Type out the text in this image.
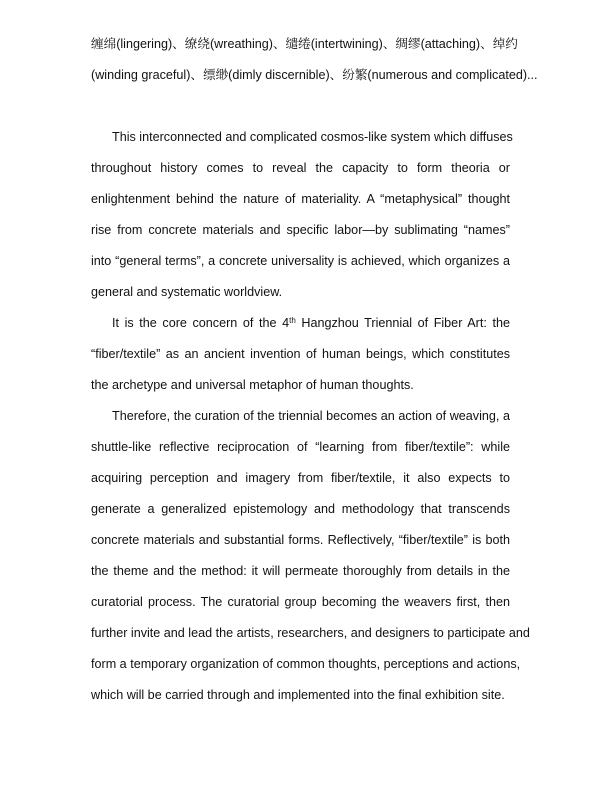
缠绵(lingering)、缭绕(wreathing)、缱绻(intertwining)、绸缪(attaching)、绰约
(winding graceful)、缥缈(dimly discernible)、纷繁(numerous and complicated)...
This interconnected and complicated cosmos-like system which diffuses
throughout history comes to reveal the capacity to form theoria or
enlightenment behind the nature of materiality. A “metaphysical” thought
rise from concrete materials and specific labor—by sublimating “names”
into “general terms”, a concrete universality is achieved, which organizes a
general and systematic worldview.
It is the core concern of the 4th Hangzhou Triennial of Fiber Art: the
“fiber/textile” as an ancient invention of human beings, which constitutes
the archetype and universal metaphor of human thoughts.
Therefore, the curation of the triennial becomes an action of weaving, a
shuttle-like reflective reciprocation of “learning from fiber/textile”: while
acquiring perception and imagery from fiber/textile, it also expects to
generate a generalized epistemology and methodology that transcends
concrete materials and substantial forms. Reflectively, “fiber/textile” is both
the theme and the method: it will permeate thoroughly from details in the
curatorial process. The curatorial group becoming the weavers first, then
further invite and lead the artists, researchers, and designers to participate and
form a temporary organization of common thoughts, perceptions and actions,
which will be carried through and implemented into the final exhibition site.
